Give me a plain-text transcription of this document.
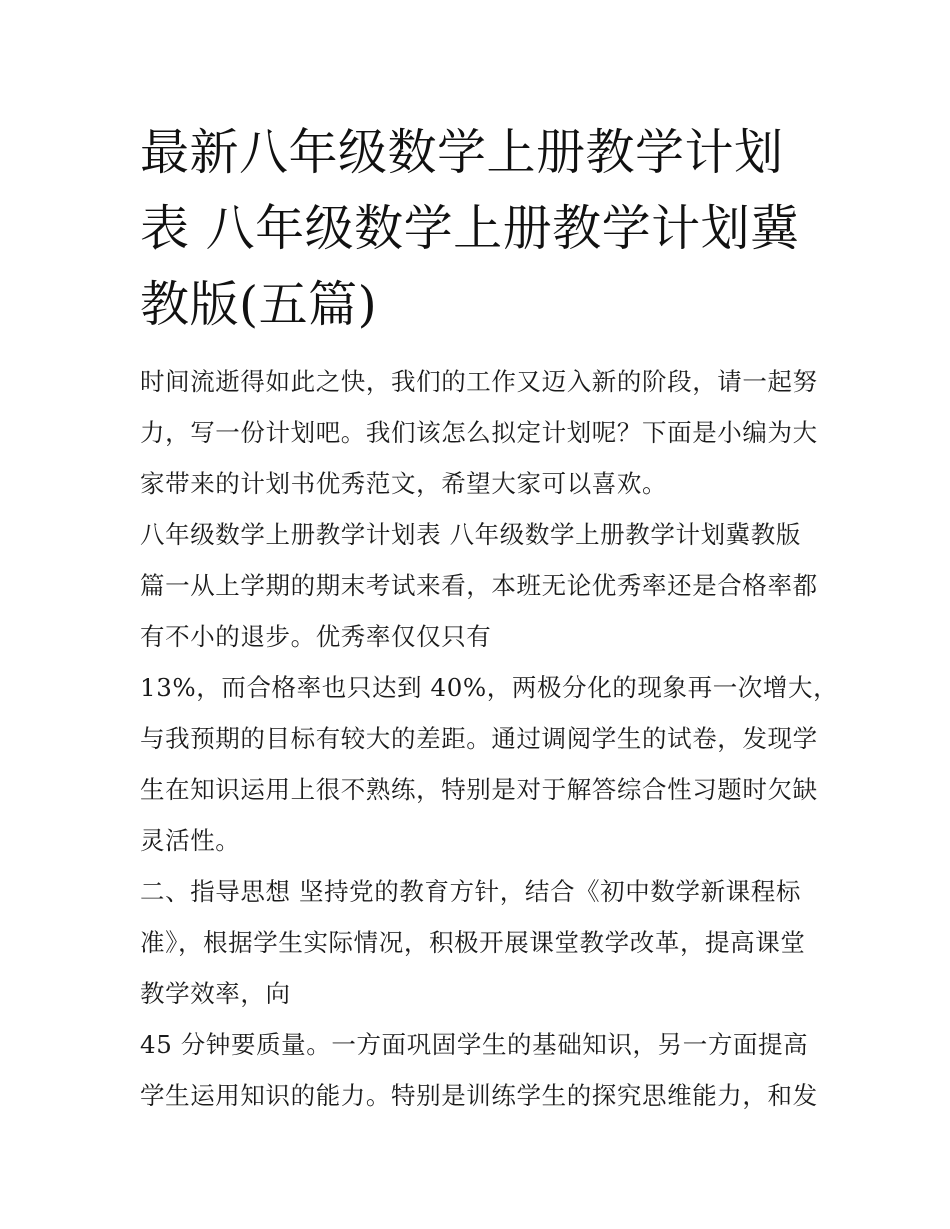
最新八年级数学上册教学计划
表 八年级数学上册教学计划冀
教版(五篇)
时间流逝得如此之快，我们的工作又迈入新的阶段，请一起努
力，写一份计划吧。我们该怎么拟定计划呢？下面是小编为大
家带来的计划书优秀范文，希望大家可以喜欢。
八年级数学上册教学计划表 八年级数学上册教学计划冀教版
篇一从上学期的期末考试来看，本班无论优秀率还是合格率都
有不小的退步。优秀率仅仅只有
13%，而合格率也只达到 40%，两极分化的现象再一次增大，
与我预期的目标有较大的差距。通过调阅学生的试卷，发现学
生在知识运用上很不熟练，特别是对于解答综合性习题时欠缺
灵活性。
二、指导思想 坚持党的教育方针，结合《初中数学新课程标
准》，根据学生实际情况，积极开展课堂教学改革，提高课堂
教学效率，向
45 分钟要质量。一方面巩固学生的基础知识，另一方面提高
学生运用知识的能力。特别是训练学生的探究思维能力，和发
